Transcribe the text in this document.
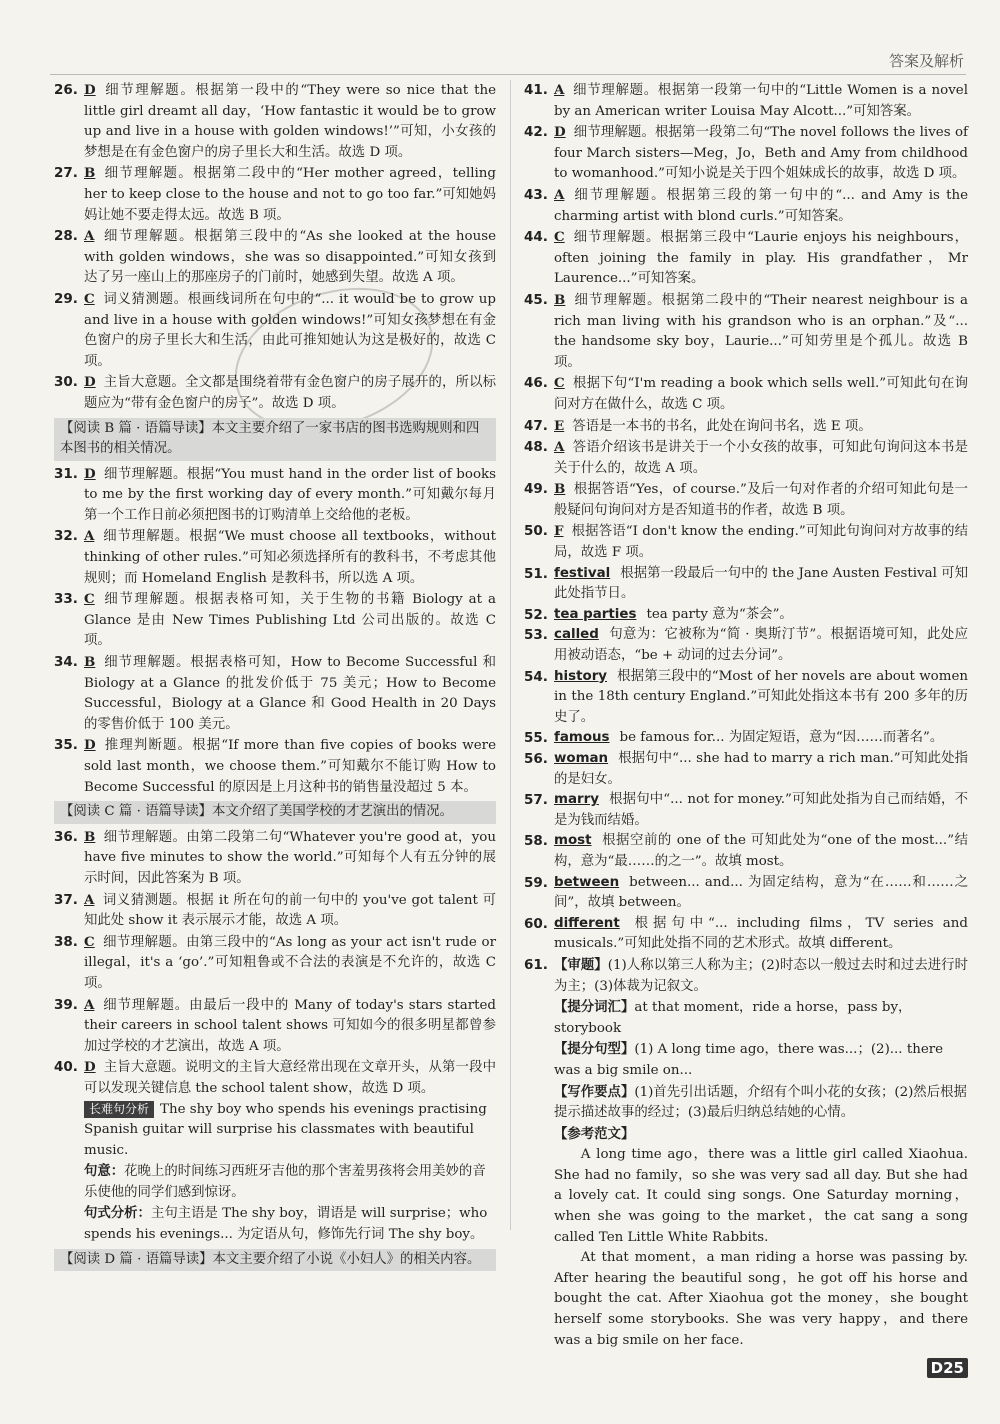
答案及解析
26. D 细节理解题。根据第一段中的“They were so nice that the little girl dreamt all day，‘How fantastic it would be to grow up and live in a house with golden windows!’”可知，小女孩的梦想是在有金色窗户的房子里长大和生活。故选 D 项。
27. B 细节理解题。根据第二段中的“Her mother agreed，telling her to keep close to the house and not to go too far.”可知她妈妈让她不要走得太远。故选 B 项。
28. A 细节理解题。根据第三段中的“As she looked at the house with golden windows，she was so disappointed.”可知女孩到达了另一座山上的那座房子的门前时，她感到失望。故选 A 项。
29. C 词义猜测题。根画线词所在句中的“... it would be to grow up and live in a house with golden windows!”可知女孩梦想在有金色窗户的房子里长大和生活，由此可推知她认为这是极好的，故选 C 项。
30. D 主旨大意题。全文都是围绕着带有金色窗户的房子展开的，所以标题应为“带有金色窗户的房子”。故选 D 项。
【阅读 B 篇 · 语篇导读】本文主要介绍了一家书店的图书选购规则和四本图书的相关情况。
31. D 细节理解题。根据“You must hand in the order list of books to me by the first working day of every month.”可知戴尔每月第一个工作日前必须把图书的订购清单上交给他的老板。
32. A 细节理解题。根据“We must choose all textbooks，without thinking of other rules.”可知必须选择所有的教科书，不考虑其他规则；而 Homeland English 是教科书，所以选 A 项。
33. C 细节理解题。根据表格可知，关于生物的书籍 Biology at a Glance 是由 New Times Publishing Ltd 公司出版的。故选 C 项。
34. B 细节理解题。根据表格可知，How to Become Successful 和 Biology at a Glance 的批发价低于 75 美元；How to Become Successful，Biology at a Glance 和 Good Health in 20 Days 的零售价低于 100 美元。
35. D 推理判断题。根据“If more than five copies of books were sold last month，we choose them.”可知戴尔不能订购 How to Become Successful 的原因是上月这种书的销售量没超过 5 本。
【阅读 C 篇 · 语篇导读】本文介绍了美国学校的才艺演出的情况。
36. B 细节理解题。由第二段第二句“Whatever you're good at，you have five minutes to show the world.”可知每个人有五分钟的展示时间，因此答案为 B 项。
37. A 词义猜测题。根据 it 所在句的前一句中的 you've got talent 可知此处 show it 表示展示才能，故选 A 项。
38. C 细节理解题。由第三段中的“As long as your act isn't rude or illegal，it's a ‘go’.”可知粗鲁或不合法的表演是不允许的，故选 C 项。
39. A 细节理解题。由最后一段中的 Many of today's stars started their careers in school talent shows 可知如今的很多明星都曾参加过学校的才艺演出，故选 A 项。
40. D 主旨大意题。说明文的主旨大意经常出现在文章开头，从第一段中可以发现关键信息 the school talent show，故选 D 项。
长难句分析 The shy boy who spends his evenings practising Spanish guitar will surprise his classmates with beautiful music.
句意：花晚上的时间练习西班牙吉他的那个害羞男孩将会用美妙的音乐使他的同学们感到惊讶。
句式分析：主句主语是 The shy boy，谓语是 will surprise；who spends his evenings... 为定语从句，修饰先行词 The shy boy。
【阅读 D 篇 · 语篇导读】本文主要介绍了小说《小妇人》的相关内容。
41. A 细节理解题。根据第一段第一句中的“Little Women is a novel by an American writer Louisa May Alcott...”可知答案。
42. D 细节理解题。根据第一段第二句“The novel follows the lives of four March sisters—Meg，Jo，Beth and Amy from childhood to womanhood.”可知小说是关于四个姐妹成长的故事，故选 D 项。
43. A 细节理解题。根据第三段的第一句中的“... and Amy is the charming artist with blond curls.”可知答案。
44. C 细节理解题。根据第三段中“Laurie enjoys his neighbours，often joining the family in play. His grandfather，Mr Laurence...”可知答案。
45. B 细节理解题。根据第二段中的“Their nearest neighbour is a rich man living with his grandson who is an orphan.”及“... the handsome sky boy，Laurie...”可知劳里是个孤儿。故选 B 项。
46. C 根据下句“I'm reading a book which sells well.”可知此句在询问对方在做什么，故选 C 项。
47. E 答语是一本书的书名，此处在询问书名，选 E 项。
48. A 答语介绍该书是讲关于一个小女孩的故事，可知此句询问这本书是关于什么的，故选 A 项。
49. B 根据答语“Yes，of course.”及后一句对作者的介绍可知此句是一般疑问句询问对方是否知道书的作者，故选 B 项。
50. F 根据答语“I don't know the ending.”可知此句询问对方故事的结局，故选 F 项。
51. festival 根据第一段最后一句中的 the Jane Austen Festival 可知此处指节日。
52. tea parties tea party 意为“茶会”。
53. called 句意为：它被称为“简 · 奥斯汀节”。根据语境可知，此处应用被动语态，“be + 动词的过去分词”。
54. history 根据第三段中的“Most of her novels are about women in the 18th century England.”可知此处指这本书有 200 多年的历史了。
55. famous be famous for... 为固定短语，意为“因……而著名”。
56. woman 根据句中“... she had to marry a rich man.”可知此处指的是妇女。
57. marry 根据句中“... not for money.”可知此处指为自己而结婚，不是为钱而结婚。
58. most 根据空前的 one of the 可知此处为“one of the most...”结构，意为“最……的之一”。故填 most。
59. between between... and... 为固定结构，意为“在……和……之间”，故填 between。
60. different 根据句中“... including films，TV series and musicals.”可知此处指不同的艺术形式。故填 different。
61. 【审题】(1)人称以第三人称为主；(2)时态以一般过去时和过去进行时为主；(3)体裁为记叙文。
【提分词汇】at that moment，ride a horse，pass by，storybook
【提分句型】(1) A long time ago，there was...；(2)... there was a big smile on...
【写作要点】(1)首先引出话题，介绍有个叫小花的女孩；(2)然后根据提示描述故事的经过；(3)最后归纳总结她的心情。
【参考范文】

A long time ago，there was a little girl called Xiaohua. She had no family，so she was very sad all day. But she had a lovely cat. It could sing songs. One Saturday morning，when she was going to the market，the cat sang a song called Ten Little White Rabbits.

At that moment，a man riding a horse was passing by. After hearing the beautiful song，he got off his horse and bought the cat. After Xiaohua got the money，she bought herself some storybooks. She was very happy，and there was a big smile on her face.

D25
